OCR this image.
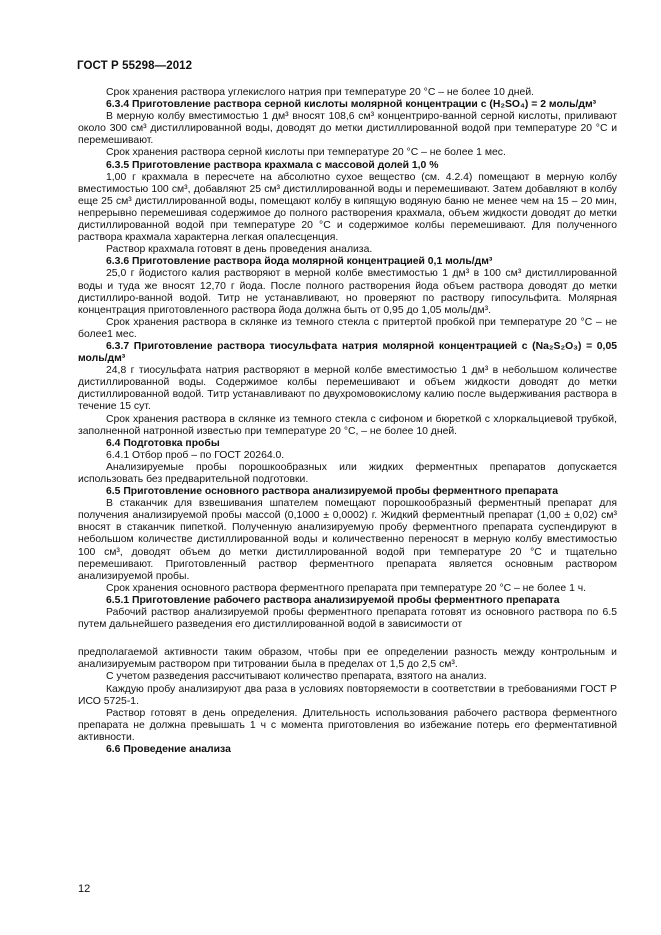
ГОСТ Р 55298—2012

Срок хранения раствора углекислого натрия при температуре 20 °С – не более 10 дней.

6.3.4 Приготовление раствора серной кислоты молярной концентрации с (H₂SO₄) = 2 моль/дм³

В мерную колбу вместимостью 1 дм³ вносят 108,6 см³ концентриро-ванной серной кислоты, приливают около 300 см³ дистиллированной воды, доводят до метки дистиллированной водой при температуре 20 °С и перемешивают.

Срок хранения раствора серной кислоты при температуре 20 °С – не более 1 мес.

6.3.5 Приготовление раствора крахмала с массовой долей 1,0 %

1,00 г крахмала в пересчете на абсолютно сухое вещество (см. 4.2.4) помещают в мерную колбу вместимостью 100 см³, добавляют 25 см³ дистиллированной воды и перемешивают. Затем добавляют в колбу еще 25 см³ дистиллированной воды, помещают колбу в кипящую водяную баню не менее чем на 15 – 20 мин, непрерывно перемешивая содержимое до полного растворения крахмала, объем жидкости доводят до метки дистиллированной водой при температуре 20 °С и содержимое колбы перемешивают. Для полученного раствора крахмала характерна легкая опалесценция.

Раствор крахмала готовят в день проведения анализа.

6.3.6 Приготовление раствора йода молярной концентрацией 0,1 моль/дм³

25,0 г йодистого калия растворяют в мерной колбе вместимостью 1 дм³ в 100 см³ дистиллированной воды и туда же вносят 12,70 г йода. После полного растворения йода объем раствора доводят до метки дистиллиро-ванной водой. Титр не устанавливают, но проверяют по раствору гипосульфита. Молярная концентрация приготовленного раствора йода должна быть от 0,95 до 1,05 моль/дм³.

Срок хранения раствора в склянке из темного стекла с притертой пробкой при температуре 20 °С – не более1 мес.

6.3.7 Приготовление раствора тиосульфата натрия молярной концентрацией с (Na₂S₂O₃) = 0,05 моль/дм³

24,8 г тиосульфата натрия растворяют в мерной колбе вместимостью 1 дм³ в небольшом количестве дистиллированной воды. Содержимое колбы перемешивают и объем жидкости доводят до метки дистиллированной водой. Титр устанавливают по двухромовокислому калию после выдерживания раствора в течение 15 сут.

Срок хранения раствора в склянке из темного стекла с сифоном и бюреткой с хлоркальциевой трубкой, заполненной натронной известью при температуре 20 °С, – не более 10 дней.

6.4 Подготовка пробы

6.4.1 Отбор проб – по ГОСТ 20264.0.

Анализируемые пробы порошкообразных или жидких ферментных препаратов допускается использовать без предварительной подготовки.

6.5 Приготовление основного раствора анализируемой пробы ферментного препарата

В стаканчик для взвешивания шпателем помещают порошкообразный ферментный препарат для получения анализируемой пробы массой (0,1000 ± 0,0002) г. Жидкий ферментный препарат (1,00 ± 0,02) см³ вносят в стаканчик пипеткой. Полученную анализируемую пробу ферментного препарата суспендируют в небольшом количестве дистиллированной воды и количественно переносят в мерную колбу вместимостью 100 см³, доводят объем до метки дистиллированной водой при температуре 20 °С и тщательно перемешивают. Приготовленный раствор ферментного препарата является основным раствором анализируемой пробы.

Срок хранения основного раствора ферментного препарата при температуре 20 °С – не более 1 ч.

6.5.1 Приготовление рабочего раствора анализируемой пробы ферментного препарата

Рабочий раствор анализируемой пробы ферментного препарата готовят из основного раствора по 6.5 путем дальнейшего разведения его дистиллированной водой в зависимости от

предполагаемой активности таким образом, чтобы при ее определении разность между контрольным и анализируемым раствором при титровании была в пределах от 1,5 до 2,5 см³.

С учетом разведения рассчитывают количество препарата, взятого на анализ.

Каждую пробу анализируют два раза в условиях повторяемости в соответствии в требованиями ГОСТ Р ИСО 5725-1.

Раствор готовят в день определения. Длительность использования рабочего раствора ферментного препарата не должна превышать 1 ч с момента приготовления во избежание потерь его ферментативной активности.

6.6 Проведение анализа

12
